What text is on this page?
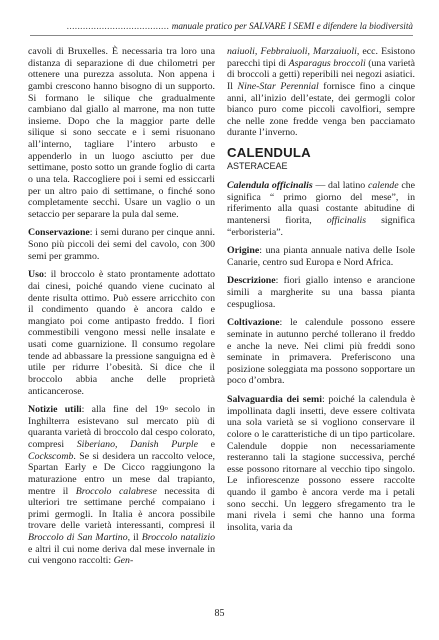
...................................... manuale pratico per SALVARE I SEMI e difendere la biodiversità

cavoli di Bruxelles. È necessaria tra loro una distanza di separazione di due chilometri per ottenere una purezza assoluta. Non appena i gambi crescono hanno bisogno di un supporto. Si formano le silique che gradualmente cambiano dal giallo al marrone, ma non tutte insieme. Dopo che la maggior parte delle silique si sono seccate e i semi risuonano all’interno, tagliare l’intero arbusto e appenderlo in un luogo asciutto per due settimane, posto sotto un grande foglio di carta o una tela. Raccogliere poi i semi ed essiccarli per un altro paio di settimane, o finché sono completamente secchi. Usare un vaglio o un setaccio per separare la pula dal seme.

Conservazione: i semi durano per cinque anni. Sono più piccoli dei semi del cavolo, con 300 semi per grammo.

Uso: il broccolo è stato prontamente adottato dai cinesi, poiché quando viene cucinato al dente risulta ottimo. Può essere arricchito con il condimento quando è ancora caldo e mangiato poi come antipasto freddo. I fiori commestibili vengono messi nelle insalate e usati come guarnizione. Il consumo regolare tende ad abbassare la pressione sanguigna ed è utile per ridurre l’obesità. Si dice che il broccolo abbia anche delle proprietà anticancerose.

Notizie utili: alla fine del 19$^o$ secolo in Inghilterra esistevano sul mercato più di quaranta varietà di broccolo dal cespo colorato, compresi Siberiano, Danish Purple e Cockscomb. Se si desidera un raccolto veloce, Spartan Early e De Cicco raggiungono la maturazione entro un mese dal trapianto, mentre il Broccolo calabrese necessita di ulteriori tre settimane perché compaiano i primi germogli. In Italia è ancora possibile trovare delle varietà interessanti, compresi il Broccolo di San Martino, il Broccolo natalizio e altri il cui nome deriva dal mese invernale in cui vengono raccolti: Gen-

naiuoli, Febbraiuoli, Marzaiuoli, ecc. Esistono parecchi tipi di Asparagus broccoli (una varietà di broccoli a getti) reperibili nei negozi asiatici. Il Nine-Star Perennial fornisce fino a cinque anni, all’inizio dell’estate, dei germogli color bianco puro come piccoli cavolfiori, sempre che nelle zone fredde venga ben pacciamato durante l’inverno.

CALENDULA
ASTERACEAE

Calendula officinalis — dal latino calende che significa “ primo giorno del mese”, in riferimento alla quasi costante abitudine di mantenersi fiorita, officinalis significa “erboristeria”.

Origine: una pianta annuale nativa delle Isole Canarie, centro sud Europa e Nord Africa.

Descrizione: fiori giallo intenso e arancione simili a margherite su una bassa pianta cespugliosa.

Coltivazione: le calendule possono essere seminate in autunno perché tollerano il freddo e anche la neve. Nei climi più freddi sono seminate in primavera. Preferiscono una posizione soleggiata ma possono sopportare un poco d’ombra.

Salvaguardia dei semi: poiché la calendula è impollinata dagli insetti, deve essere coltivata una sola varietà se si vogliono conservare il colore o le caratteristiche di un tipo particolare. Calendule doppie non necessariamente resteranno tali la stagione successiva, perché esse possono ritornare al vecchio tipo singolo. Le infiorescenze possono essere raccolte quando il gambo è ancora verde ma i petali sono secchi. Un leggero sfregamento tra le mani rivela i semi che hanno una forma insolita, varia da

85
